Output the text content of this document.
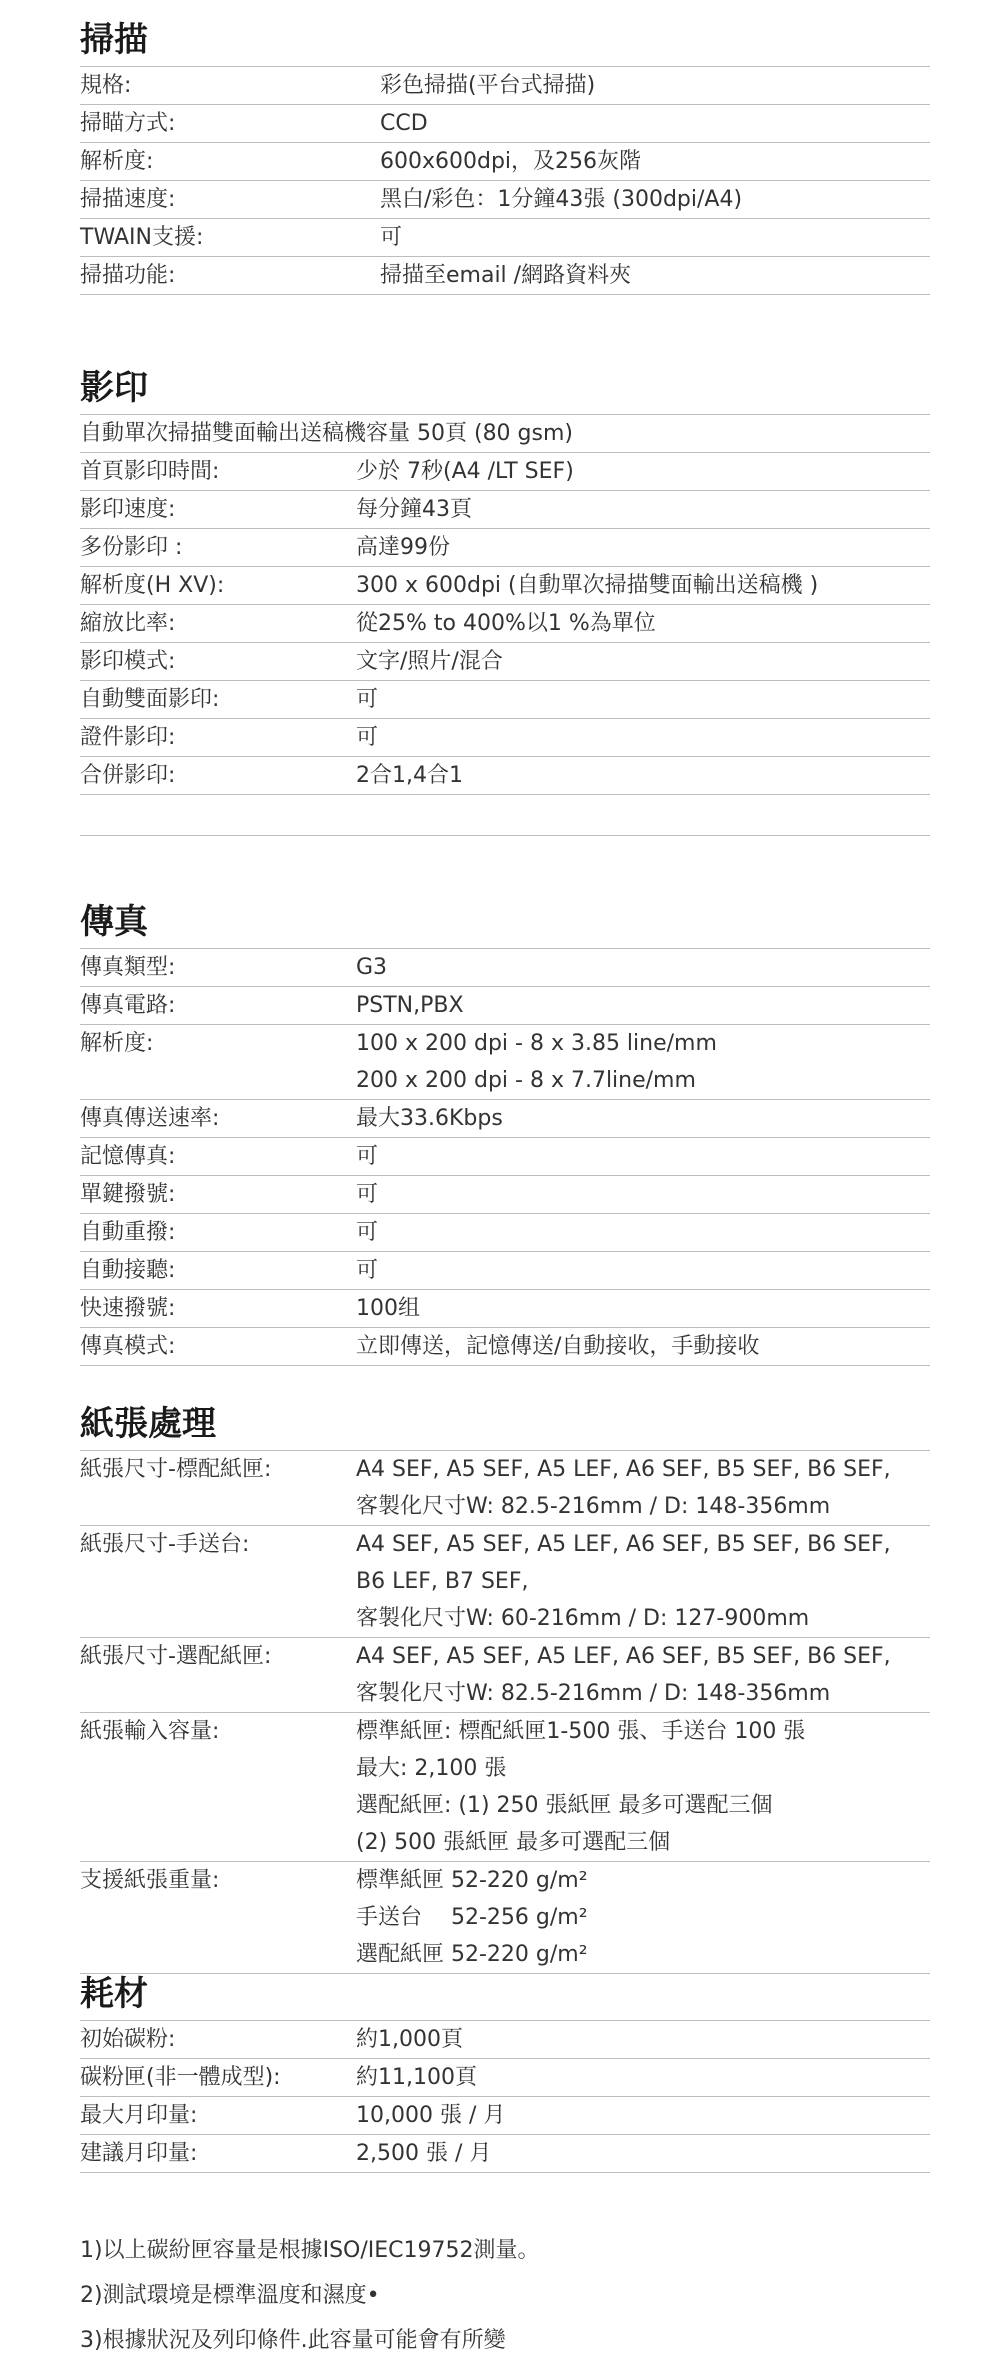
掃描
規格:	彩色掃描(平台式掃描)
掃瞄方式:	CCD
解析度:	600x600dpi，及256灰階
掃描速度:	黑白/彩色：1分鐘43張 (300dpi/A4)
TWAIN支援:	可
掃描功能:	掃描至email /網路資料夾
影印
自動單次掃描雙面輸出送稿機容量 50頁 (80 gsm)
首頁影印時間:	少於 7秒(A4 /LT SEF)
影印速度:	每分鐘43頁
多份影印 :	高達99份
解析度(H XV):	300 x 600dpi (自動單次掃描雙面輸出送稿機 )
縮放比率:	從25% to 400%以1 %為單位
影印模式:	文字/照片/混合
自動雙面影印:	可
證件影印:	可
合併影印:	2合1,4合1
傳真
傳真類型:	G3
傳真電路:	PSTN,PBX
解析度:	100 x 200 dpi - 8 x 3.85 line/mm
200 x 200 dpi - 8 x 7.7line/mm
傳真傳送速率:	最大33.6Kbps
記憶傳真:	可
單鍵撥號:	可
自動重撥:	可
自動接聽:	可
快速撥號:	100组
傳真模式:	立即傳送，記憶傳送/自動接收，手動接收
紙張處理
紙張尺寸-標配紙匣:	A4 SEF, A5 SEF, A5 LEF, A6 SEF, B5 SEF, B6 SEF,
客製化尺寸W: 82.5-216mm / D: 148-356mm
紙張尺寸-手送台:	A4 SEF, A5 SEF, A5 LEF, A6 SEF, B5 SEF, B6 SEF,
B6 LEF, B7 SEF,
客製化尺寸W: 60-216mm / D: 127-900mm
紙張尺寸-選配紙匣:	A4 SEF, A5 SEF, A5 LEF, A6 SEF, B5 SEF, B6 SEF,
客製化尺寸W: 82.5-216mm / D: 148-356mm
紙張輸入容量:	標準紙匣: 標配紙匣1-500 張、手送台 100 張
最大: 2,100 張
選配紙匣: (1) 250 張紙匣 最多可選配三個
(2) 500 張紙匣 最多可選配三個
支援紙張重量:	標準紙匣 52-220 g/m²
手送台　 52-256 g/m²
選配紙匣 52-220 g/m²
耗材
初始碳粉:	約1,000頁
碳粉匣(非一體成型):	約11,100頁
最大月印量:	10,000 張 / 月
建議月印量:	2,500 張 / 月
1)以上碳紛匣容量是根據ISO/IEC19752測量。
2)測試環境是標準溫度和濕度•
3)根據狀況及列印條件.此容量可能會有所變
